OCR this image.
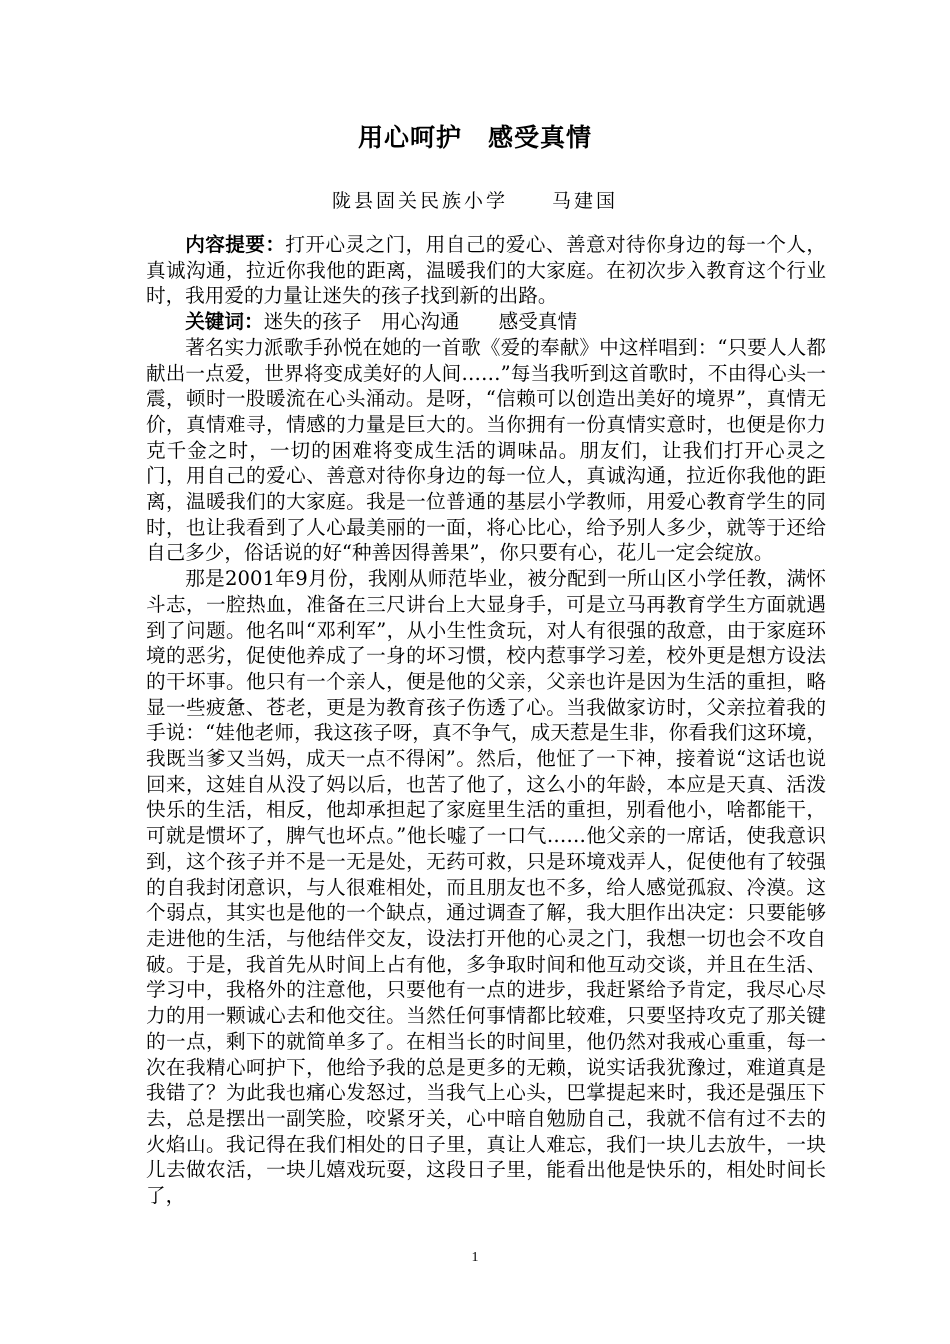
用心呵护　感受真情
陇县固关民族小学　　马建国

内容提要：打开心灵之门，用自己的爱心、善意对待你身边的每一个人，真诚沟通，拉近你我他的距离，温暖我们的大家庭。在初次步入教育这个行业时，我用爱的力量让迷失的孩子找到新的出路。

关键词：迷失的孩子　用心沟通　　感受真情

著名实力派歌手孙悦在她的一首歌《爱的奉献》中这样唱到：“只要人人都献出一点爱，世界将变成美好的人间……”每当我听到这首歌时，不由得心头一震，顿时一股暖流在心头涌动。是呀，“信赖可以创造出美好的境界”，真情无价，真情难寻，情感的力量是巨大的。当你拥有一份真情实意时，也便是你力克千金之时，一切的困难将变成生活的调味品。朋友们，让我们打开心灵之门，用自己的爱心、善意对待你身边的每一位人，真诚沟通，拉近你我他的距离，温暖我们的大家庭。我是一位普通的基层小学教师，用爱心教育学生的同时，也让我看到了人心最美丽的一面，将心比心，给予别人多少，就等于还给自己多少，俗话说的好“种善因得善果”，你只要有心，花儿一定会绽放。

那是2001年9月份，我刚从师范毕业，被分配到一所山区小学任教，满怀斗志，一腔热血，准备在三尺讲台上大显身手，可是立马再教育学生方面就遇到了问题。他名叫“邓利军”，从小生性贪玩，对人有很强的敌意，由于家庭环境的恶劣，促使他养成了一身的坏习惯，校内惹事学习差，校外更是想方设法的干坏事。他只有一个亲人，便是他的父亲，父亲也许是因为生活的重担，略显一些疲惫、苍老，更是为教育孩子伤透了心。当我做家访时，父亲拉着我的手说：“娃他老师，我这孩子呀，真不争气，成天惹是生非，你看我们这环境，我既当爹又当妈，成天一点不得闲”。然后，他怔了一下神，接着说“这话也说回来，这娃自从没了妈以后，也苦了他了，这么小的年龄，本应是天真、活泼快乐的生活，相反，他却承担起了家庭里生活的重担，别看他小，啥都能干，可就是惯坏了，脾气也坏点。”他长嘘了一口气……他父亲的一席话，使我意识到，这个孩子并不是一无是处，无药可救，只是环境戏弄人，促使他有了较强的自我封闭意识，与人很难相处，而且朋友也不多，给人感觉孤寂、冷漠。这个弱点，其实也是他的一个缺点，通过调查了解，我大胆作出决定：只要能够走进他的生活，与他结伴交友，设法打开他的心灵之门，我想一切也会不攻自破。于是，我首先从时间上占有他，多争取时间和他互动交谈，并且在生活、学习中，我格外的注意他，只要他有一点的进步，我赶紧给予肯定，我尽心尽力的用一颗诚心去和他交往。当然任何事情都比较难，只要坚持攻克了那关键的一点，剩下的就简单多了。在相当长的时间里，他仍然对我戒心重重，每一次在我精心呵护下，他给予我的总是更多的无赖，说实话我犹豫过，难道真是我错了？为此我也痛心发怒过，当我气上心头，巴掌提起来时，我还是强压下去，总是摆出一副笑脸，咬紧牙关，心中暗自勉励自己，我就不信有过不去的火焰山。我记得在我们相处的日子里，真让人难忘，我们一块儿去放牛，一块儿去做农活，一块儿嬉戏玩耍，这段日子里，能看出他是快乐的，相处时间长了，

1
